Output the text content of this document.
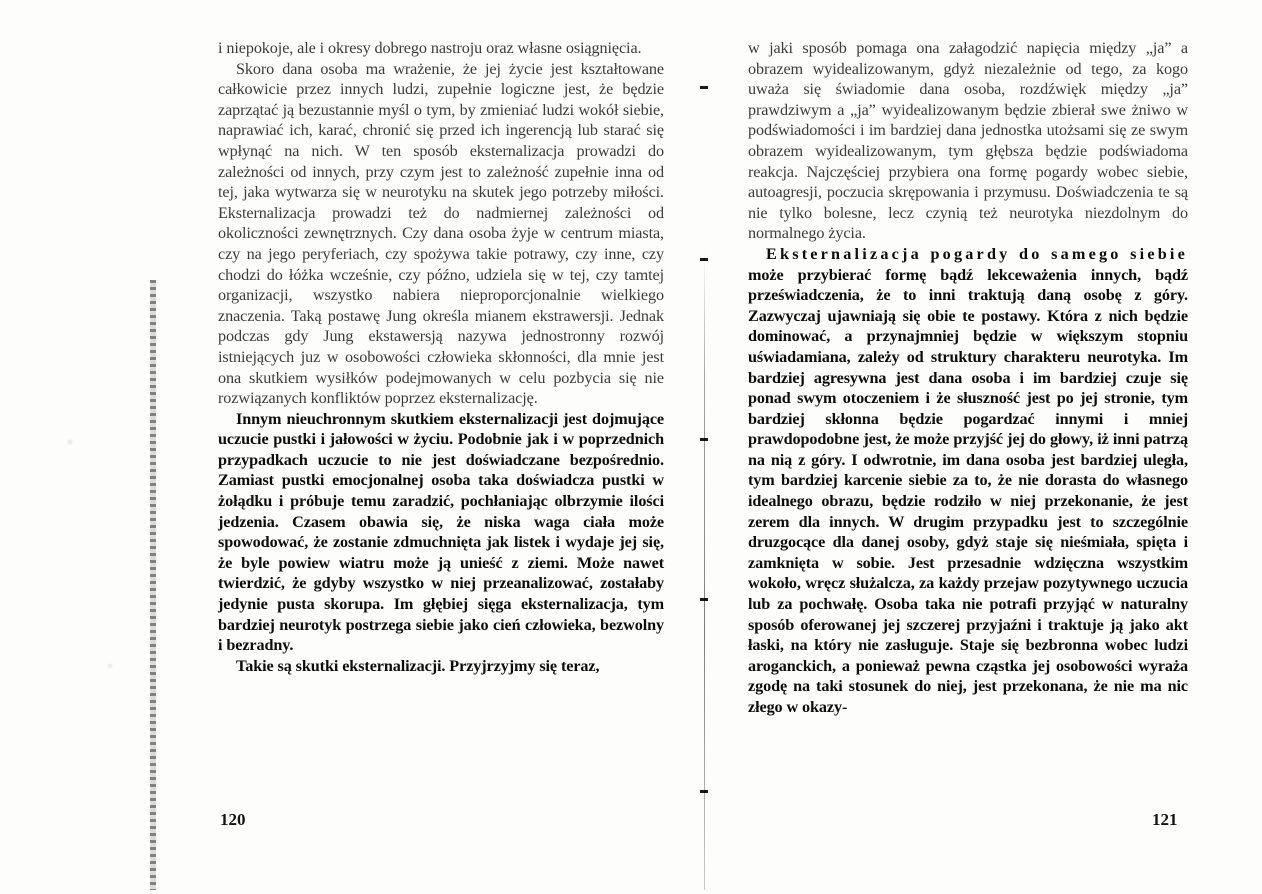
i niepokoje, ale i okresy dobrego nastroju oraz własne osiągnięcia.

Skoro dana osoba ma wrażenie, że jej życie jest kształtowane całkowicie przez innych ludzi, zupełnie logiczne jest, że będzie zaprzątać ją bezustannie myśl o tym, by zmieniać ludzi wokół siebie, naprawiać ich, karać, chronić się przed ich ingerencją lub starać się wpłynąć na nich. W ten sposób eksternalizacja prowadzi do zależności od innych, przy czym jest to zależność zupełnie inna od tej, jaka wytwarza się w neurotyku na skutek jego potrzeby miłości. Eksternalizacja prowadzi też do nadmiernej zależności od okoliczności zewnętrznych. Czy dana osoba żyje w centrum miasta, czy na jego peryferiach, czy spożywa takie potrawy, czy inne, czy chodzi do łóżka wcześnie, czy późno, udziela się w tej, czy tamtej organizacji, wszystko nabiera nieproporcjonalnie wielkiego znaczenia. Taką postawę Jung określa mianem ekstrawersji. Jednak podczas gdy Jung ekstawersją nazywa jednostronny rozwój istniejących juz w osobowości człowieka skłonności, dla mnie jest ona skutkiem wysiłków podejmowanych w celu pozbycia się nie rozwiązanych konfliktów poprzez eksternalizację.

Innym nieuchronnym skutkiem eksternalizacji jest dojmujące uczucie pustki i jałowości w życiu. Podobnie jak i w poprzednich przypadkach uczucie to nie jest doświadczane bezpośrednio. Zamiast pustki emocjonalnej osoba taka doświadcza pustki w żołądku i próbuje temu zaradzić, pochłaniając olbrzymie ilości jedzenia. Czasem obawia się, że niska waga ciała może spowodować, że zostanie zdmuchnięta jak listek i wydaje jej się, że byle powiew wiatru może ją unieść z ziemi. Może nawet twierdzić, że gdyby wszystko w niej przeanalizować, zostałaby jedynie pusta skorupa. Im głębiej sięga eksternalizacja, tym bardziej neurotyk postrzega siebie jako cień człowieka, bezwolny i bezradny.

Takie są skutki eksternalizacji. Przyjrzyjmy się teraz,

120

w jaki sposób pomaga ona załagodzić napięcia między „ja” a obrazem wyidealizowanym, gdyż niezależnie od tego, za kogo uważa się świadomie dana osoba, rozdźwięk między „ja” prawdziwym a „ja” wyidealizowanym będzie zbierał swe żniwo w podświadomości i im bardziej dana jednostka utożsami się ze swym obrazem wyidealizowanym, tym głębsza będzie podświadoma reakcja. Najczęściej przybiera ona formę pogardy wobec siebie, autoagresji, poczucia skrępowania i przymusu. Doświadczenia te są nie tylko bolesne, lecz czynią też neurotyka niezdolnym do normalnego życia.

Eksternalizacja pogardy do samego siebie może przybierać formę bądź lekceważenia innych, bądź przeświadczenia, że to inni traktują daną osobę z góry. Zazwyczaj ujawniają się obie te postawy. Która z nich będzie dominować, a przynajmniej będzie w większym stopniu uświadamiana, zależy od struktury charakteru neurotyka. Im bardziej agresywna jest dana osoba i im bardziej czuje się ponad swym otoczeniem i że słuszność jest po jej stronie, tym bardziej skłonna będzie pogardzać innymi i mniej prawdopodobne jest, że może przyjść jej do głowy, iż inni patrzą na nią z góry. I odwrotnie, im dana osoba jest bardziej uległa, tym bardziej karcenie siebie za to, że nie dorasta do własnego idealnego obrazu, będzie rodziło w niej przekonanie, że jest zerem dla innych. W drugim przypadku jest to szczególnie druzgocące dla danej osoby, gdyż staje się nieśmiała, spięta i zamknięta w sobie. Jest przesadnie wdzięczna wszystkim wokoło, wręcz służalcza, za każdy przejaw pozytywnego uczucia lub za pochwałę. Osoba taka nie potrafi przyjąć w naturalny sposób oferowanej jej szczerej przyjaźni i traktuje ją jako akt łaski, na który nie zasługuje. Staje się bezbronna wobec ludzi aroganckich, a ponieważ pewna cząstka jej osobowości wyraża zgodę na taki stosunek do niej, jest przekonana, że nie ma nic złego w okazy-

121
